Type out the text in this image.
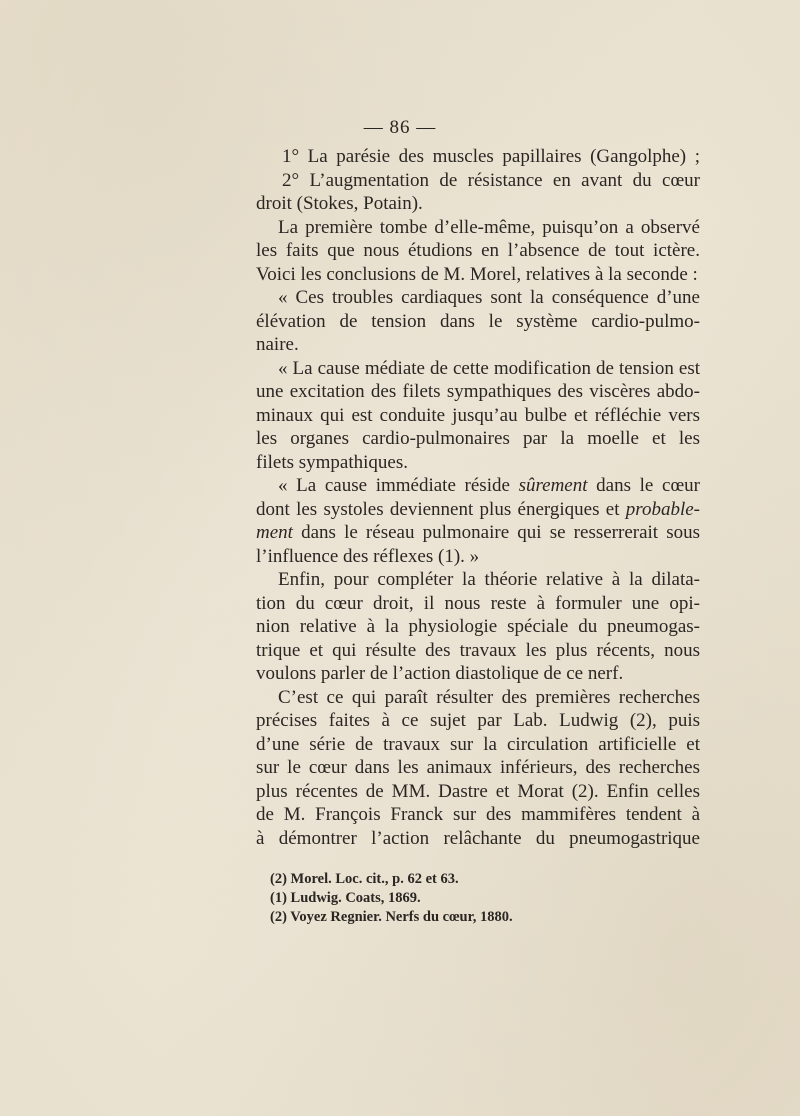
— 86 —
1° La parésie des muscles papillaires (Gangolphe) ;
2° L’augmentation de résistance en avant du cœur
droit (Stokes, Potain).
La première tombe d’elle-même, puisqu’on a observé
les faits que nous étudions en l’absence de tout ictère.
Voici les conclusions de M. Morel, relatives à la seconde :
« Ces troubles cardiaques sont la conséquence d’une
élévation de tension dans le système cardio-pulmo-
naire.
« La cause médiate de cette modification de tension est
une excitation des filets sympathiques des viscères abdo-
minaux qui est conduite jusqu’au bulbe et réfléchie vers
les organes cardio-pulmonaires par la moelle et les
filets sympathiques.
« La cause immédiate réside sûrement dans le cœur
dont les systoles deviennent plus énergiques et probable-
ment dans le réseau pulmonaire qui se resserrerait sous
l’influence des réflexes (1). »
Enfin, pour compléter la théorie relative à la dilata-
tion du cœur droit, il nous reste à formuler une opi-
nion relative à la physiologie spéciale du pneumogas-
trique et qui résulte des travaux les plus récents, nous
voulons parler de l’action diastolique de ce nerf.
C’est ce qui paraît résulter des premières recherches
précises faites à ce sujet par Lab. Ludwig (2), puis
d’une série de travaux sur la circulation artificielle et
sur le cœur dans les animaux inférieurs, des recherches
plus récentes de MM. Dastre et Morat (2). Enfin celles
de M. François Franck sur des mammifères tendent à
à démontrer l’action relâchante du pneumogastrique
(2) Morel. Loc. cit., p. 62 et 63.
(1) Ludwig. Coats, 1869.
(2) Voyez Regnier. Nerfs du cœur, 1880.
